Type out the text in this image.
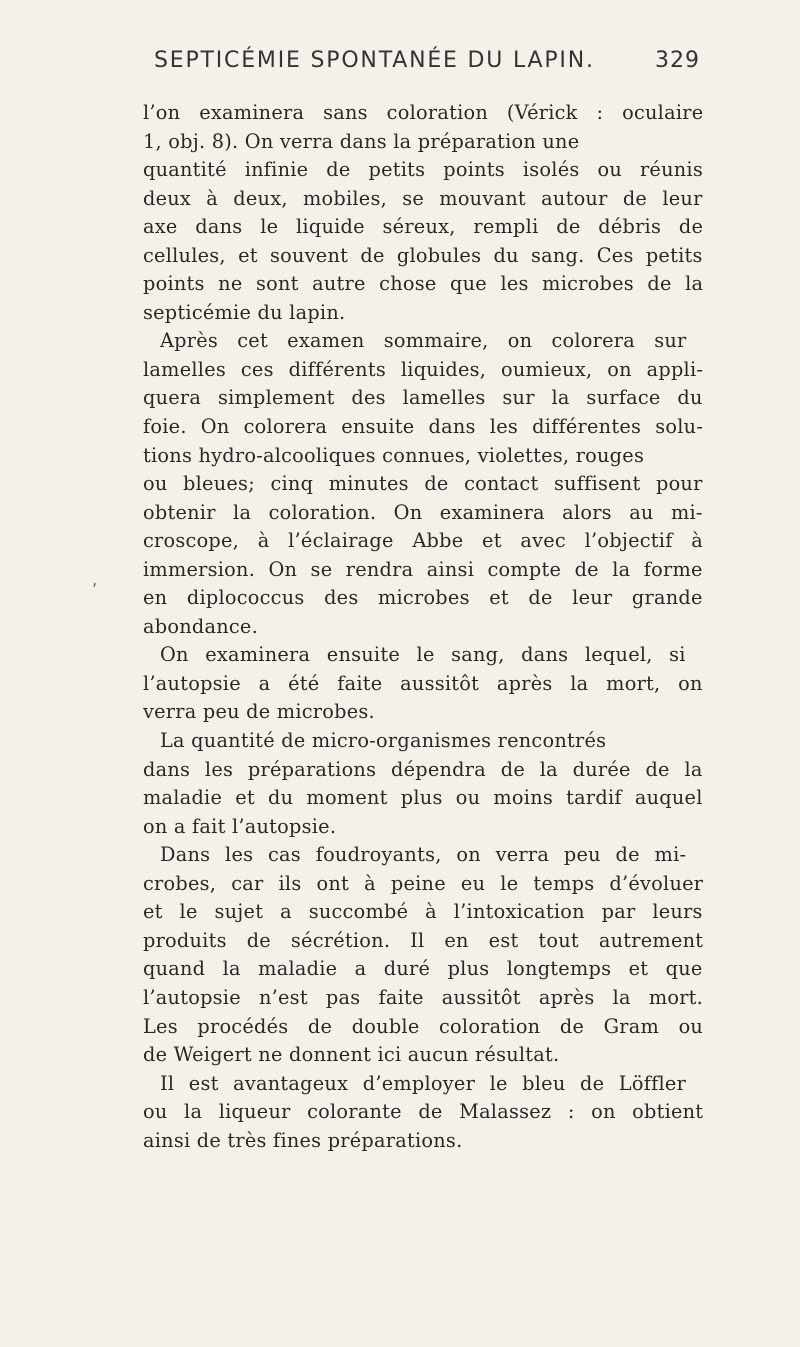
SEPTICÉMIE SPONTANÉE DU LAPIN.	329
l’on examinera sans coloration (Vérick : oculaire
1, obj. 8). On verra dans la préparation une
quantité infinie de petits points isolés ou réunis
deux à deux, mobiles, se mouvant autour de leur
axe dans le liquide séreux, rempli de débris de
cellules, et souvent de globules du sang. Ces petits
points ne sont autre chose que les microbes de la
septicémie du lapin.
Après cet examen sommaire, on colorera sur
lamelles ces différents liquides, oumieux, on appli-
quera simplement des lamelles sur la surface du
foie. On colorera ensuite dans les différentes solu-
tions hydro-alcooliques connues, violettes, rouges
ou bleues; cinq minutes de contact suffisent pour
obtenir la coloration. On examinera alors au mi-
croscope, à l’éclairage Abbe et avec l’objectif à
immersion. On se rendra ainsi compte de la forme
en diplococcus des microbes et de leur grande
abondance.
On examinera ensuite le sang, dans lequel, si
l’autopsie a été faite aussitôt après la mort, on
verra peu de microbes.
La quantité de micro-organismes rencontrés
dans les préparations dépendra de la durée de la
maladie et du moment plus ou moins tardif auquel
on a fait l’autopsie.
Dans les cas foudroyants, on verra peu de mi-
crobes, car ils ont à peine eu le temps d’évoluer
et le sujet a succombé à l’intoxication par leurs
produits de sécrétion. Il en est tout autrement
quand la maladie a duré plus longtemps et que
l’autopsie n’est pas faite aussitôt après la mort.
Les procédés de double coloration de Gram ou
de Weigert ne donnent ici aucun résultat.
Il est avantageux d’employer le bleu de Löffler
ou la liqueur colorante de Malassez : on obtient
ainsi de très fines préparations.
‚
